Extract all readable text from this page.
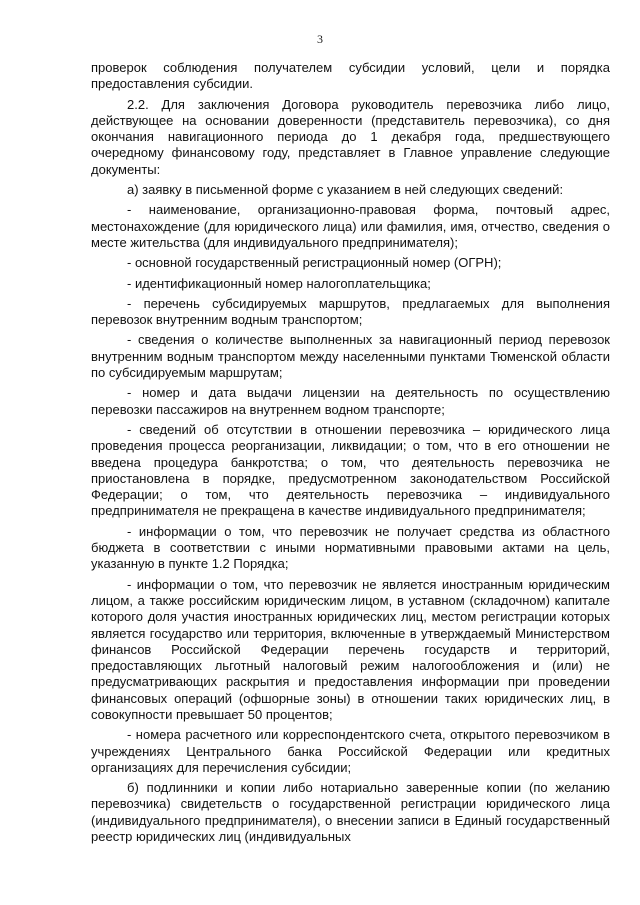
3

проверок соблюдения получателем субсидии условий, цели и порядка предоставления субсидии.

2.2. Для заключения Договора руководитель перевозчика либо лицо, действующее на основании доверенности (представитель перевозчика), со дня окончания навигационного периода до 1 декабря года, предшествующего очередному финансовому году, представляет в Главное управление следующие документы:

а) заявку в письменной форме с указанием в ней следующих сведений:

- наименование, организационно-правовая форма, почтовый адрес, местонахождение (для юридического лица) или фамилия, имя, отчество, сведения о месте жительства (для индивидуального предпринимателя);

- основной государственный регистрационный номер (ОГРН);

- идентификационный номер налогоплательщика;

- перечень субсидируемых маршрутов, предлагаемых для выполнения перевозок внутренним водным транспортом;

- сведения о количестве выполненных за навигационный период перевозок внутренним водным транспортом между населенными пунктами Тюменской области по субсидируемым маршрутам;

- номер и дата выдачи лицензии на деятельность по осуществлению перевозки пассажиров на внутреннем водном транспорте;

- сведений об отсутствии в отношении перевозчика – юридического лица проведения процесса реорганизации, ликвидации; о том, что в его отношении не введена процедура банкротства; о том, что деятельность перевозчика не приостановлена в порядке, предусмотренном законодательством Российской Федерации; о том, что деятельность перевозчика – индивидуального предпринимателя не прекращена в качестве индивидуального предпринимателя;

- информации о том, что перевозчик не получает средства из областного бюджета в соответствии с иными нормативными правовыми актами на цель, указанную в пункте 1.2 Порядка;

- информации о том, что перевозчик не является иностранным юридическим лицом, а также российским юридическим лицом, в уставном (складочном) капитале которого доля участия иностранных юридических лиц, местом регистрации которых является государство или территория, включенные в утверждаемый Министерством финансов Российской Федерации перечень государств и территорий, предоставляющих льготный налоговый режим налогообложения и (или) не предусматривающих раскрытия и предоставления информации при проведении финансовых операций (офшорные зоны) в отношении таких юридических лиц, в совокупности превышает 50 процентов;

- номера расчетного или корреспондентского счета, открытого перевозчиком в учреждениях Центрального банка Российской Федерации или кредитных организациях для перечисления субсидии;

б) подлинники и копии либо нотариально заверенные копии (по желанию перевозчика) свидетельств о государственной регистрации юридического лица (индивидуального предпринимателя), о внесении записи в Единый государственный реестр юридических лиц (индивидуальных
